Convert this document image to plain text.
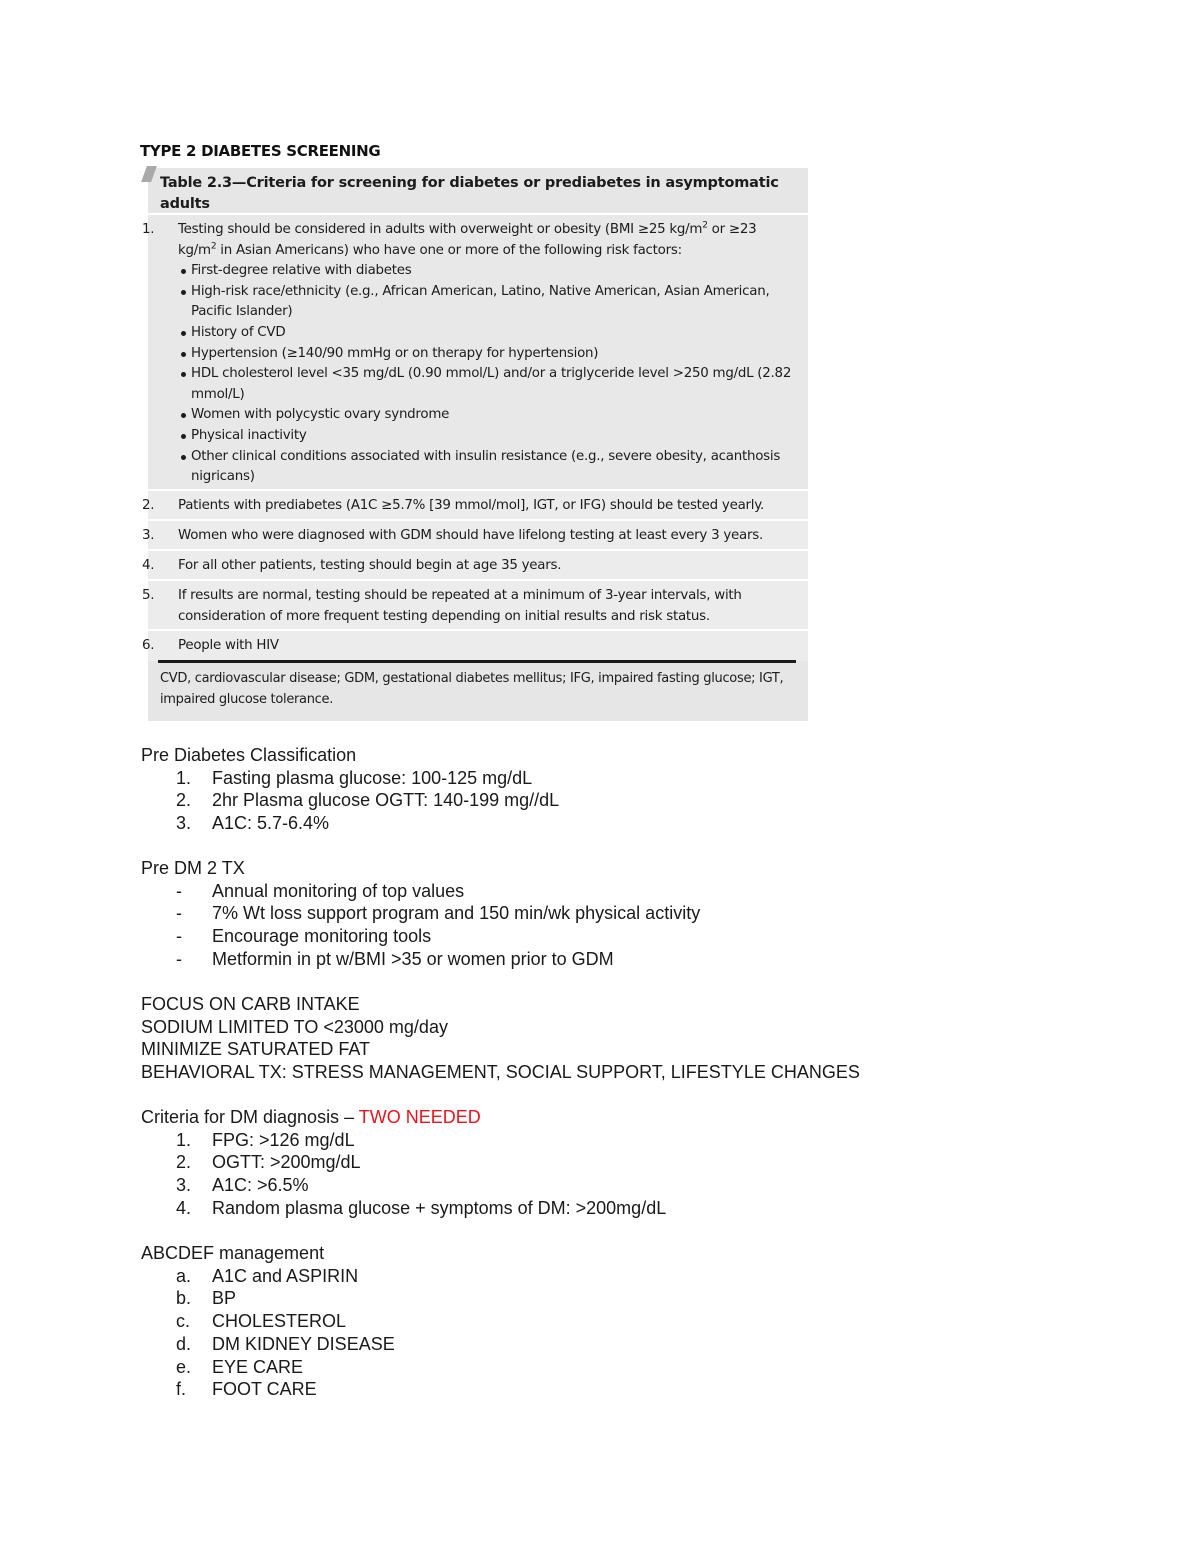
TYPE 2 DIABETES SCREENING
Table 2.3—Criteria for screening for diabetes or prediabetes in asymptomatic adults
1. Testing should be considered in adults with overweight or obesity (BMI ≥25 $kg/m^2$ or ≥23 $kg/m^2$ in Asian Americans) who have one or more of the following risk factors:
First-degree relative with diabetes
High-risk race/ethnicity (e.g., African American, Latino, Native American, Asian American, Pacific Islander)
History of CVD
Hypertension (≥140/90 mmHg or on therapy for hypertension)
HDL cholesterol level <35 mg/dL (0.90 mmol/L) and/or a triglyceride level >250 mg/dL (2.82 mmol/L)
Women with polycystic ovary syndrome
Physical inactivity
Other clinical conditions associated with insulin resistance (e.g., severe obesity, acanthosis nigricans)
2. Patients with prediabetes (A1C ≥5.7% [39 mmol/mol], IGT, or IFG) should be tested yearly.
3. Women who were diagnosed with GDM should have lifelong testing at least every 3 years.
4. For all other patients, testing should begin at age 35 years.
5. If results are normal, testing should be repeated at a minimum of 3-year intervals, with consideration of more frequent testing depending on initial results and risk status.
6. People with HIV
CVD, cardiovascular disease; GDM, gestational diabetes mellitus; IFG, impaired fasting glucose; IGT, impaired glucose tolerance.
Pre Diabetes Classification
1. Fasting plasma glucose: 100-125 mg/dL
2. 2hr Plasma glucose OGTT: 140-199 mg//dL
3. A1C: 5.7-6.4%
Pre DM 2 TX
- Annual monitoring of top values
- 7% Wt loss support program and 150 min/wk physical activity
- Encourage monitoring tools
- Metformin in pt w/BMI >35 or women prior to GDM
FOCUS ON CARB INTAKE
SODIUM LIMITED TO <23000 mg/day
MINIMIZE SATURATED FAT
BEHAVIORAL TX: STRESS MANAGEMENT, SOCIAL SUPPORT, LIFESTYLE CHANGES
Criteria for DM diagnosis – TWO NEEDED
1. FPG: >126 mg/dL
2. OGTT: >200mg/dL
3. A1C: >6.5%
4. Random plasma glucose + symptoms of DM: >200mg/dL
ABCDEF management
a. A1C and ASPIRIN
b. BP
c. CHOLESTEROL
d. DM KIDNEY DISEASE
e. EYE CARE
f. FOOT CARE
